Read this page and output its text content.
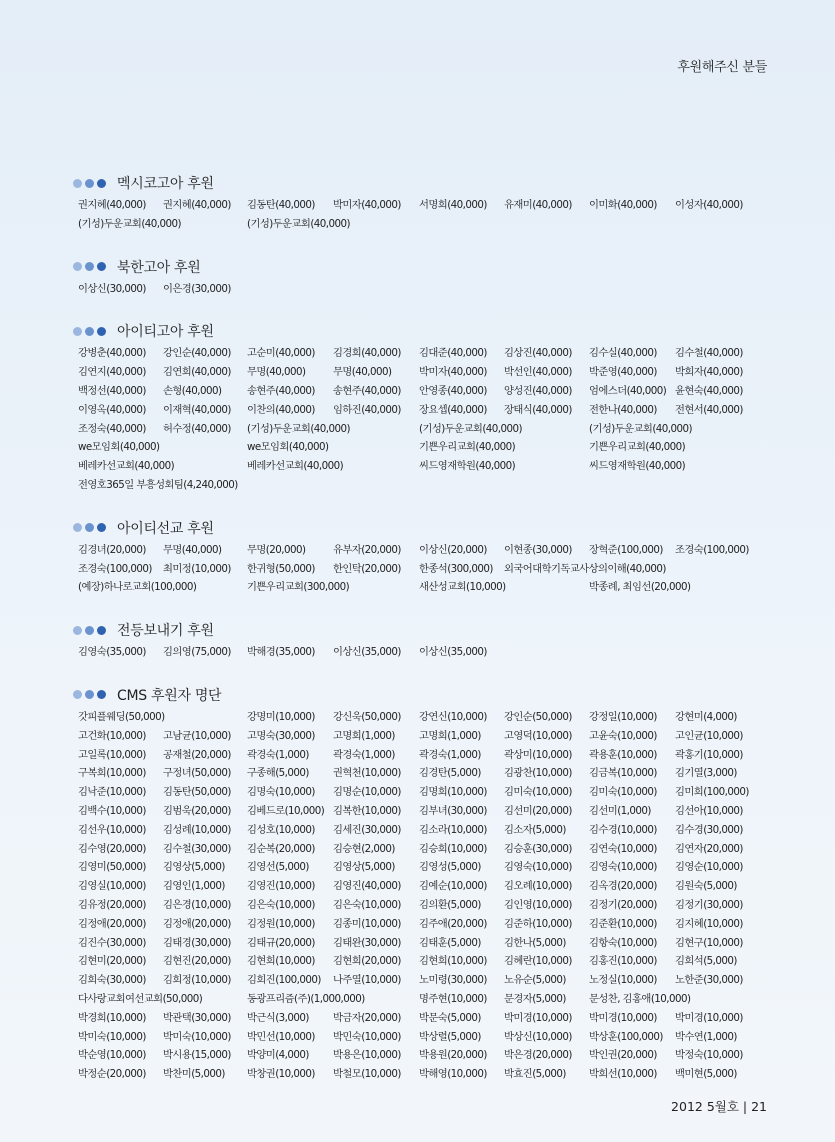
후원해주신 분들
멕시코고아 후원
권지혜(40,000) 권지혜(40,000) 김동탄(40,000) 박미자(40,000) 서명희(40,000) 유재미(40,000) 이미화(40,000) 이성자(40,000)
(기성)두운교회(40,000)	(기성)두운교회(40,000)
북한고아 후원
이상신(30,000) 이은경(30,000)
아이티고아 후원
강병춘(40,000) 강인순(40,000) 고순미(40,000) 김경희(40,000) 김대준(40,000) 김상진(40,000) 김수실(40,000) 김수철(40,000)
김연지(40,000) 김연희(40,000) 무명(40,000)	무명(40,000)	박미자(40,000) 박선인(40,000) 박준영(40,000) 박희자(40,000)
백정선(40,000) 손형(40,000) 송현주(40,000) 송현주(40,000) 안영종(40,000) 양성진(40,000) 엄에스더(40,000) 윤현숙(40,000)
이영옥(40,000) 이재혁(40,000) 이찬의(40,000) 임하진(40,000) 장요셉(40,000) 장태식(40,000) 전한나(40,000) 전현서(40,000)
조정숙(40,000) 허수정(40,000) (기성)두운교회(40,000)	(기성)두운교회(40,000)	(기성)두운교회(40,000)
we모임회(40,000)	we모임회(40,000)	기쁜우리교회(40,000)	기쁜우리교회(40,000)
베레카선교회(40,000)	베레카선교회(40,000)	씨드영재학원(40,000)	씨드영재학원(40,000)
전영호365일 부흥성회팀(4,240,000)
아이티선교 후원
김경녀(20,000) 무명(40,000) 무명(20,000)	유부자(20,000) 이상신(20,000) 이현종(30,000) 장혁준(100,000) 조경숙(100,000)
조경숙(100,000) 최미정(10,000) 한귀형(50,000) 한인탁(20,000) 한종석(300,000) 외국어대학기독교사상의이해(40,000)
(예장)하나로교회(100,000)	기쁜우리교회(300,000)	새산성교회(10,000)	박종례, 최임선(20,000)
전등보내기 후원
김영숙(35,000) 김의영(75,000) 박해경(35,000) 이상신(35,000) 이상신(35,000)
CMS 후원자 명단
갓피플웨딩(50,000)	강명미(10,000) 강신욱(50,000) 강연신(10,000) 강인순(50,000) 강정일(10,000) 강현미(4,000)
고건화(10,000) 고남균(10,000) 고명숙(30,000) 고명희(1,000) 고명희(1,000) 고영덕(10,000) 고윤숙(10,000) 고인균(10,000)
고일록(10,000) 공재철(20,000) 곽경숙(1,000) 곽경숙(1,000) 곽경숙(1,000) 곽상미(10,000) 곽용훈(10,000) 곽홍기(10,000)
구복희(10,000) 구정녀(50,000) 구종해(5,000) 권혁천(10,000) 김경탄(5,000) 김광찬(10,000) 김금복(10,000) 김기열(3,000)
김낙준(10,000) 김동탄(50,000) 김명숙(10,000) 김명순(10,000) 김명희(10,000) 김미숙(10,000) 김미숙(10,000) 김미희(100,000)
김백수(10,000) 김범욱(20,000) 김베드로(10,000) 김복한(10,000) 김부녀(30,000) 김선미(20,000) 김선미(1,000) 김선아(10,000)
김선우(10,000) 김성례(10,000) 김성호(10,000) 김세진(30,000) 김소라(10,000) 김소자(5,000) 김수경(10,000) 김수경(30,000)
김수영(20,000) 김수철(30,000) 김순복(20,000) 김승현(2,000) 김승희(10,000) 김승훈(30,000) 김연숙(10,000) 김연자(20,000)
김영미(50,000) 김영상(5,000) 김영선(5,000) 김영상(5,000) 김영성(5,000) 김영숙(10,000) 김영숙(10,000) 김영순(10,000)
김영실(10,000) 김영인(1,000) 김영진(10,000) 김영진(40,000) 김예순(10,000) 김오례(10,000) 김옥경(20,000) 김원숙(5,000)
김유정(20,000) 김은경(10,000) 김은숙(10,000) 김은숙(10,000) 김의환(5,000) 김인영(10,000) 김정기(20,000) 김정기(30,000)
김정애(20,000) 김정애(20,000) 김정원(10,000) 김종미(10,000) 김주애(20,000) 김준하(10,000) 김준환(10,000) 김지혜(10,000)
김진수(30,000) 김태경(30,000) 김태규(20,000) 김태완(30,000) 김태훈(5,000) 김한나(5,000) 김항숙(10,000) 김현구(10,000)
김현미(20,000) 김현진(20,000) 김현희(10,000) 김현희(20,000) 김현희(10,000) 김혜란(10,000) 김홍진(10,000) 김희석(5,000)
김희숙(30,000) 김희정(10,000) 김희진(100,000) 나주열(10,000) 노미령(30,000) 노유순(5,000) 노정실(10,000) 노한준(30,000)
다사랑교회여선교회(50,000)	동광프리즘(주)(1,000,000)	명주현(10,000) 문경자(5,000) 문성찬, 김홍애(10,000)
박경희(10,000) 박관택(30,000) 박근식(3,000) 박금자(20,000) 박문숙(5,000) 박미경(10,000) 박미경(10,000) 박미경(10,000)
박미숙(10,000) 박미숙(10,000) 박민선(10,000) 박민숙(10,000) 박상렬(5,000) 박상신(10,000) 박상훈(100,000) 박수연(1,000)
박순영(10,000) 박시용(15,000) 박양미(4,000) 박용은(10,000) 박용원(20,000) 박은경(20,000) 박인권(20,000) 박정숙(10,000)
박정순(20,000) 박찬미(5,000) 박창권(10,000) 박철모(10,000) 박해영(10,000) 박효진(5,000) 박희선(10,000) 백미현(5,000)
2012 5월호 | 21
